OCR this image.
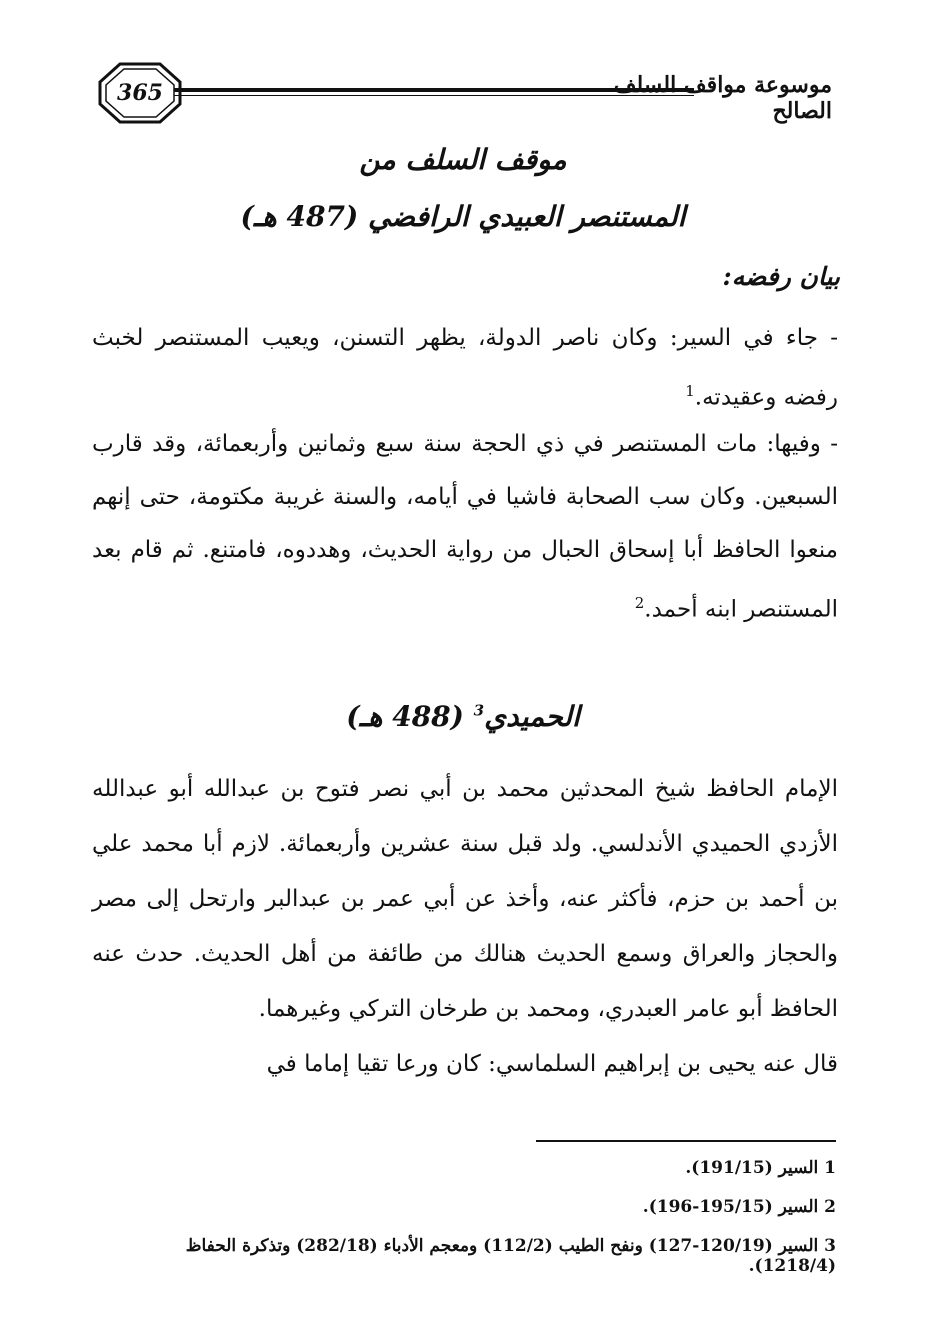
365	موسوعة مواقف السلف الصالح
موقف السلف من
المستنصر العبيدي الرافضي (487 هـ)
بيان رفضه:
- جاء في السير: وكان ناصر الدولة، يظهر التسنن، ويعيب المستنصر لخبث رفضه وعقيدته.$^1$
- وفيها: مات المستنصر في ذي الحجة سنة سبع وثمانين وأربعمائة، وقد قارب السبعين. وكان سب الصحابة فاشيا في أيامه، والسنة غريبة مكتومة، حتى إنهم منعوا الحافظ أبا إسحاق الحبال من رواية الحديث، وهددوه، فامتنع. ثم قام بعد المستنصر ابنه أحمد.$^2$
الحميدي$^3$ (488 هـ)
الإمام الحافظ شيخ المحدثين محمد بن أبي نصر فتوح بن عبدالله أبو عبدالله الأزدي الحميدي الأندلسي. ولد قبل سنة عشرين وأربعمائة. لازم أبا محمد علي بن أحمد بن حزم، فأكثر عنه، وأخذ عن أبي عمر بن عبدالبر وارتحل إلى مصر والحجاز والعراق وسمع الحديث هنالك من طائفة من أهل الحديث. حدث عنه الحافظ أبو عامر العبدري، ومحمد بن طرخان التركي وغيرهما.
قال عنه يحيى بن إبراهيم السلماسي: كان ورعا تقيا إماما في
1 السير (191/15).
2 السير (195/15-196).
3 السير (120/19-127) ونفح الطيب (112/2) ومعجم الأدباء (282/18) وتذكرة الحفاظ (1218/4).
